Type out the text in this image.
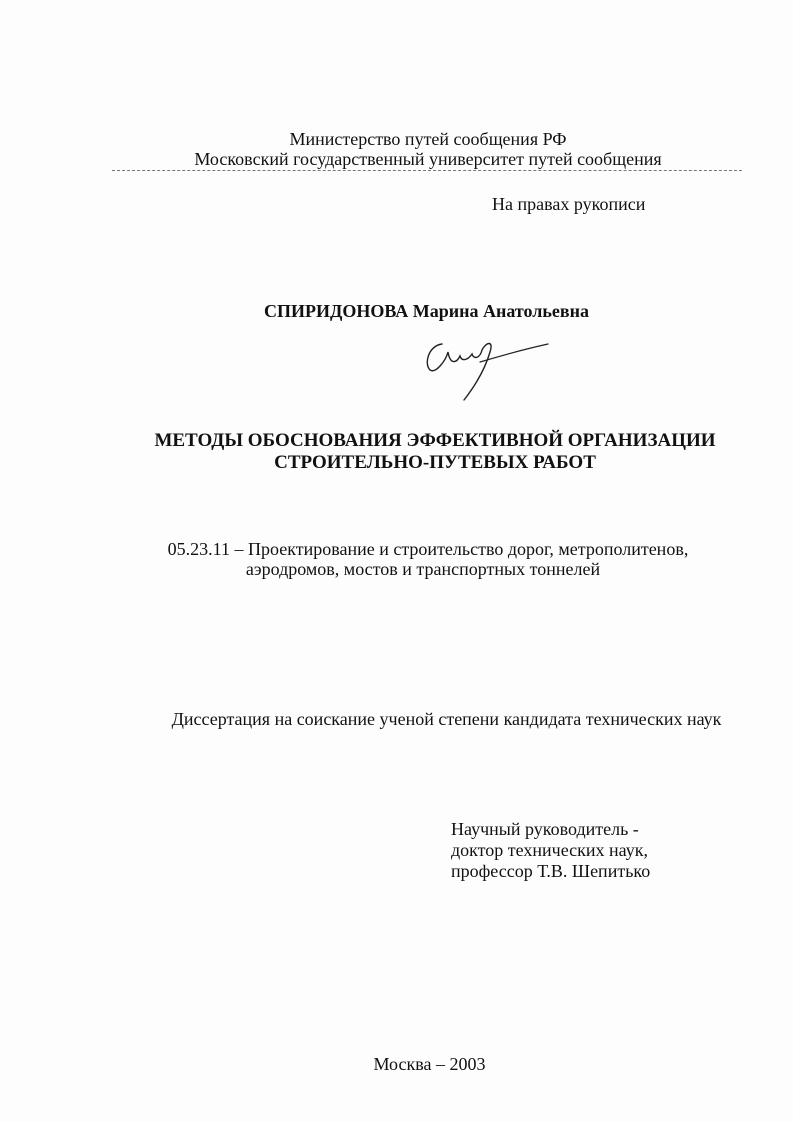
Министерство путей сообщения РФ
Московский государственный университет путей сообщения
На правах рукописи
СПИРИДОНОВА Марина Анатольевна
МЕТОДЫ ОБОСНОВАНИЯ ЭФФЕКТИВНОЙ ОРГАНИЗАЦИИ
СТРОИТЕЛЬНО-ПУТЕВЫХ РАБОТ
05.23.11 – Проектирование и строительство дорог, метрополитенов,
аэродромов, мостов и транспортных тоннелей
Диссертация на соискание ученой степени кандидата технических наук
Научный руководитель -
доктор технических наук,
профессор Т.В. Шепитько
Москва – 2003
